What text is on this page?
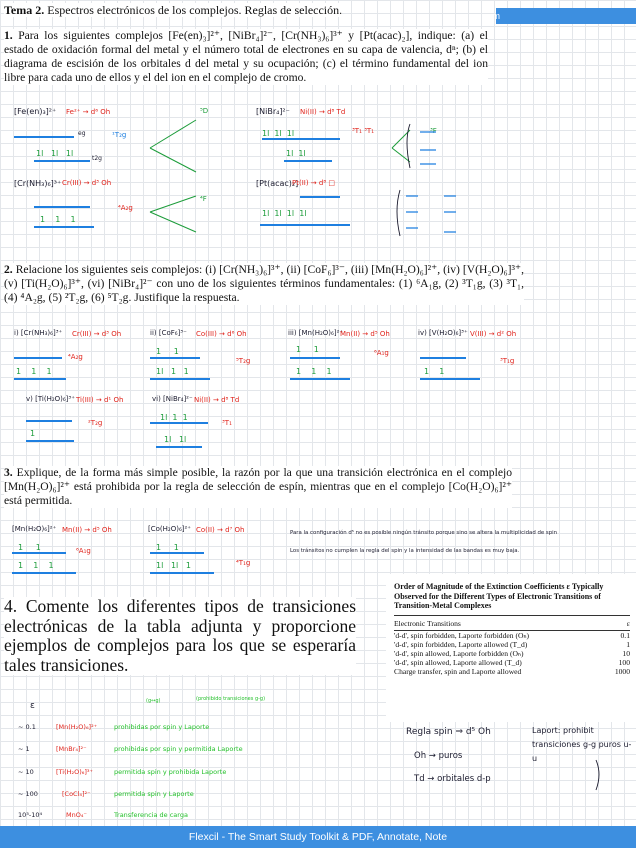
om
Tema 2. Espectros electrónicos de los complejos. Reglas de selección.
1. Para los siguientes complejos [Fe(en)₃]²⁺, [NiBr₄]²⁻, [Cr(NH₃)₆]³⁺ y [Pt(acac)₂], indique: (a) el estado de oxidación formal del metal y el número total de electrones en su capa de valencia, dⁿ; (b) el diagrama de escisión de los orbitales d del metal y su ocupación; (c) el término fundamental del ion libre para cada uno de ellos y el del ion en el complejo de cromo.
2. Relacione los siguientes seis complejos: (i) [Cr(NH₃)₆]³⁺, (ii) [CoF₆]³⁻, (iii) [Mn(H₂O)₆]²⁺, (iv) [V(H₂O)₆]³⁺, (v) [Ti(H₂O)₆]³⁺, (vi) [NiBr₄]²⁻ con uno de los siguientes términos fundamentales: (1) ⁶A₁g, (2) ³T₁g, (3) ³T₁, (4) ⁴A₂g, (5) ²T₂g, (6) ⁵T₂g. Justifique la respuesta.
3. Explique, de la forma más simple posible, la razón por la que una transición electrónica en el complejo [Mn(H₂O)₆]²⁺ está prohibida por la regla de selección de espín, mientras que en el complejo [Co(H₂O)₆]²⁺ está permitida.
4. Comente los diferentes tipos de transiciones electrónicas de la tabla adjunta y proporcione ejemplos de complejos para los que se esperaría tales transiciones.
Order of Magnitude of the Extinction Coefficients ε Typically Observed for the Different Types of Electronic Transitions of Transition-Metal Complexes
Electronic Transitions	ε
'd-d', spin forbidden, Laporte forbidden (Oₕ)	0.1
'd-d', spin forbidden, Laporte allowed (T_d)	1
'd-d', spin allowed, Laporte forbidden (Oₕ)	10
'd-d', spin allowed, Laporte allowed (T_d)	100
Charge transfer, spin and Laporte allowed	1000
[Fe(en)₃]²⁺ Fe²⁺ → d⁶ Oh
eg	¹T₂g
1l   1l   1l
t2g
⁵D	[NiBr₄]²⁻ Ni(II) → d⁸ Td
1l  1l  1l	³T₁ ³T₁
1l  1l
³F
[Cr(NH₃)₆]³⁺ Cr(III) → d³ Oh
⁴A₂g
1    1    1
⁴F
[Pt(acac)₂]
Pt(II) → d⁸ □
1l  1l  1l  1l
i) [Cr(NH₃)₆]³⁺ Cr(III) → d³ Oh
⁴A₂g
1    1    1
ii) [CoF₆]³⁻ Co(III) → d⁶ Oh
1     1
⁵T₂g
1l   1   1
iii) [Mn(H₂O)₆]²⁺
Mn(II) → d⁵ Oh
1     1	⁶A₁g
1    1    1
iv) [V(H₂O)₆]³⁺ V(III) → d² Oh
³T₁g
1    1
v) [Ti(H₂O)₆]³⁺ Ti(III) → d¹ Oh
²T₂g
1
vi) [NiBr₄]²⁻ Ni(II) → d⁸ Td
1l  1  1
³T₁
1l   1l
[Mn(H₂O)₆]²⁺ Mn(II) → d⁵ Oh
1     1	⁶A₁g
1    1    1
[Co(H₂O)₆]²⁺ Co(II) → d⁷ Oh
1     1
⁴T₁g
1l   1l   1
Para la configuración d⁵ no es posible ningún tránsito porque sino se altera la multiplicidad de spin
Los tránsitos no cumplen la regla del spin y la intensidad de las bandas es muy baja.
ε	(g↔g)	(prohibido transiciones g-g)
~ 0.1	[Mn(H₂O)₆]²⁺	prohibidas por spin y Laporte
~ 1	[MnBr₄]²⁻	prohibidas por spin y permitida Laporte
~ 10	[Ti(H₂O)₆]³⁺	permitida spin y prohibida Laporte
~ 100	[CoCl₄]²⁻	permitida spin y Laporte
10³-10⁴	MnO₄⁻	Transferencia de carga
Regla spin ⇒ d⁵ Oh
Oh → puros
Td → orbitales d-p
Laport: prohibit transiciones g-g puros u-u
Flexcil - The Smart Study Toolkit & PDF, Annotate, Note
